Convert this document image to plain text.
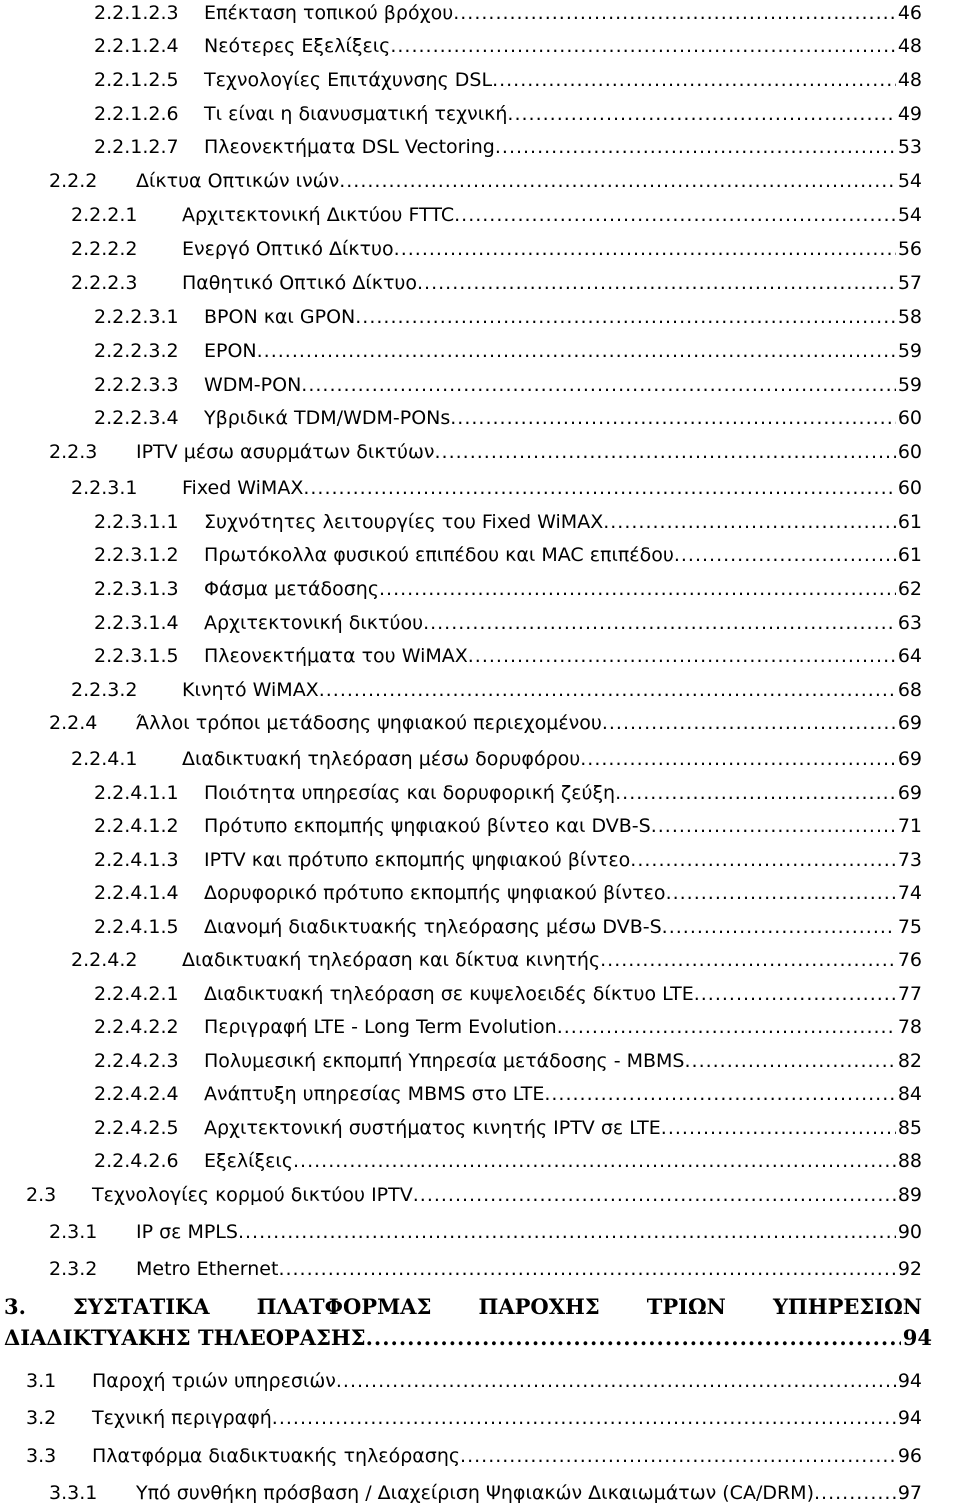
2.2.1.2.3 Επέκταση τοπικού βρόχου .....	46
2.2.1.2.4 Νεότερες Εξελίξεις .....	48
2.2.1.2.5 Τεχνολογίες Επιτάχυνσης DSL .....	48
2.2.1.2.6 Τι είναι η διανυσματική τεχνική .....	49
2.2.1.2.7 Πλεονεκτήματα DSL Vectoring .....	53
2.2.2 Δίκτυα Οπτικών ινών .....	54
2.2.2.1 Αρχιτεκτονική Δικτύου FTTC .....	54
2.2.2.2 Ενεργό Οπτικό Δίκτυο .....	56
2.2.2.3 Παθητικό Οπτικό Δίκτυο .....	57
2.2.2.3.1 BPON και GPON .....	58
2.2.2.3.2 EPON .....	59
2.2.2.3.3 WDM-PON .....	59
2.2.2.3.4 Υβριδικά TDM/WDM-PONs .....	60
2.2.3 IPTV μέσω ασυρμάτων δικτύων .....	60
2.2.3.1 Fixed WiMAX .....	60
2.2.3.1.1 Συχνότητες λειτουργίες του Fixed WiMAX .....	61
2.2.3.1.2 Πρωτόκολλα φυσικού επιπέδου και MAC επιπέδου .....	61
2.2.3.1.3 Φάσμα μετάδοσης .....	62
2.2.3.1.4 Αρχιτεκτονική δικτύου .....	63
2.2.3.1.5 Πλεονεκτήματα του WiMAX .....	64
2.2.3.2 Κινητό WiMAX .....	68
2.2.4 Άλλοι τρόποι μετάδοσης ψηφιακού περιεχομένου .....	69
2.2.4.1 Διαδικτυακή τηλεόραση μέσω δορυφόρου .....	69
2.2.4.1.1 Ποιότητα υπηρεσίας και δορυφορική ζεύξη .....	69
2.2.4.1.2 Πρότυπο εκπομπής ψηφιακού βίντεο και DVB-S .....	71
2.2.4.1.3 IPTV και πρότυπο εκπομπής ψηφιακού βίντεο .....	73
2.2.4.1.4 Δορυφορικό πρότυπο εκπομπής ψηφιακού βίντεο .....	74
2.2.4.1.5 Διανομή διαδικτυακής τηλεόρασης μέσω DVB-S .....	75
2.2.4.2 Διαδικτυακή τηλεόραση και δίκτυα κινητής .....	76
2.2.4.2.1 Διαδικτυακή τηλεόραση σε κυψελοειδές δίκτυο LTE .....	77
2.2.4.2.2 Περιγραφή LTE - Long Term Evolution .....	78
2.2.4.2.3 Πολυμεσική εκπομπή Υπηρεσία μετάδοσης - MBMS .....	82
2.2.4.2.4 Ανάπτυξη υπηρεσίας MBMS στο LTE .....	84
2.2.4.2.5 Αρχιτεκτονική συστήματος κινητής IPTV σε LTE .....	85
2.2.4.2.6 Εξελίξεις .....	88
2.3 Τεχνολογίες κορμού δικτύου IPTV .....	89
2.3.1 IP σε MPLS .....	90
2.3.2 Metro Ethernet .....	92
3. ΣΥΣΤΑΤΙΚΑ ΠΛΑΤΦΟΡΜΑΣ ΠΑΡΟΧΗΣ ΤΡΙΩΝ ΥΠΗΡΕΣΙΩΝ
ΔΙΑΔΙΚΤΥΑΚΗΣ ΤΗΛΕΟΡΑΣΗΣ .....	94
3.1 Παροχή τριών υπηρεσιών .....	94
3.2 Τεχνική περιγραφή .....	94
3.3 Πλατφόρμα διαδικτυακής τηλεόρασης .....	96
3.3.1 Υπό συνθήκη πρόσβαση / Διαχείριση Ψηφιακών Δικαιωμάτων (CA/DRM) .....	97
